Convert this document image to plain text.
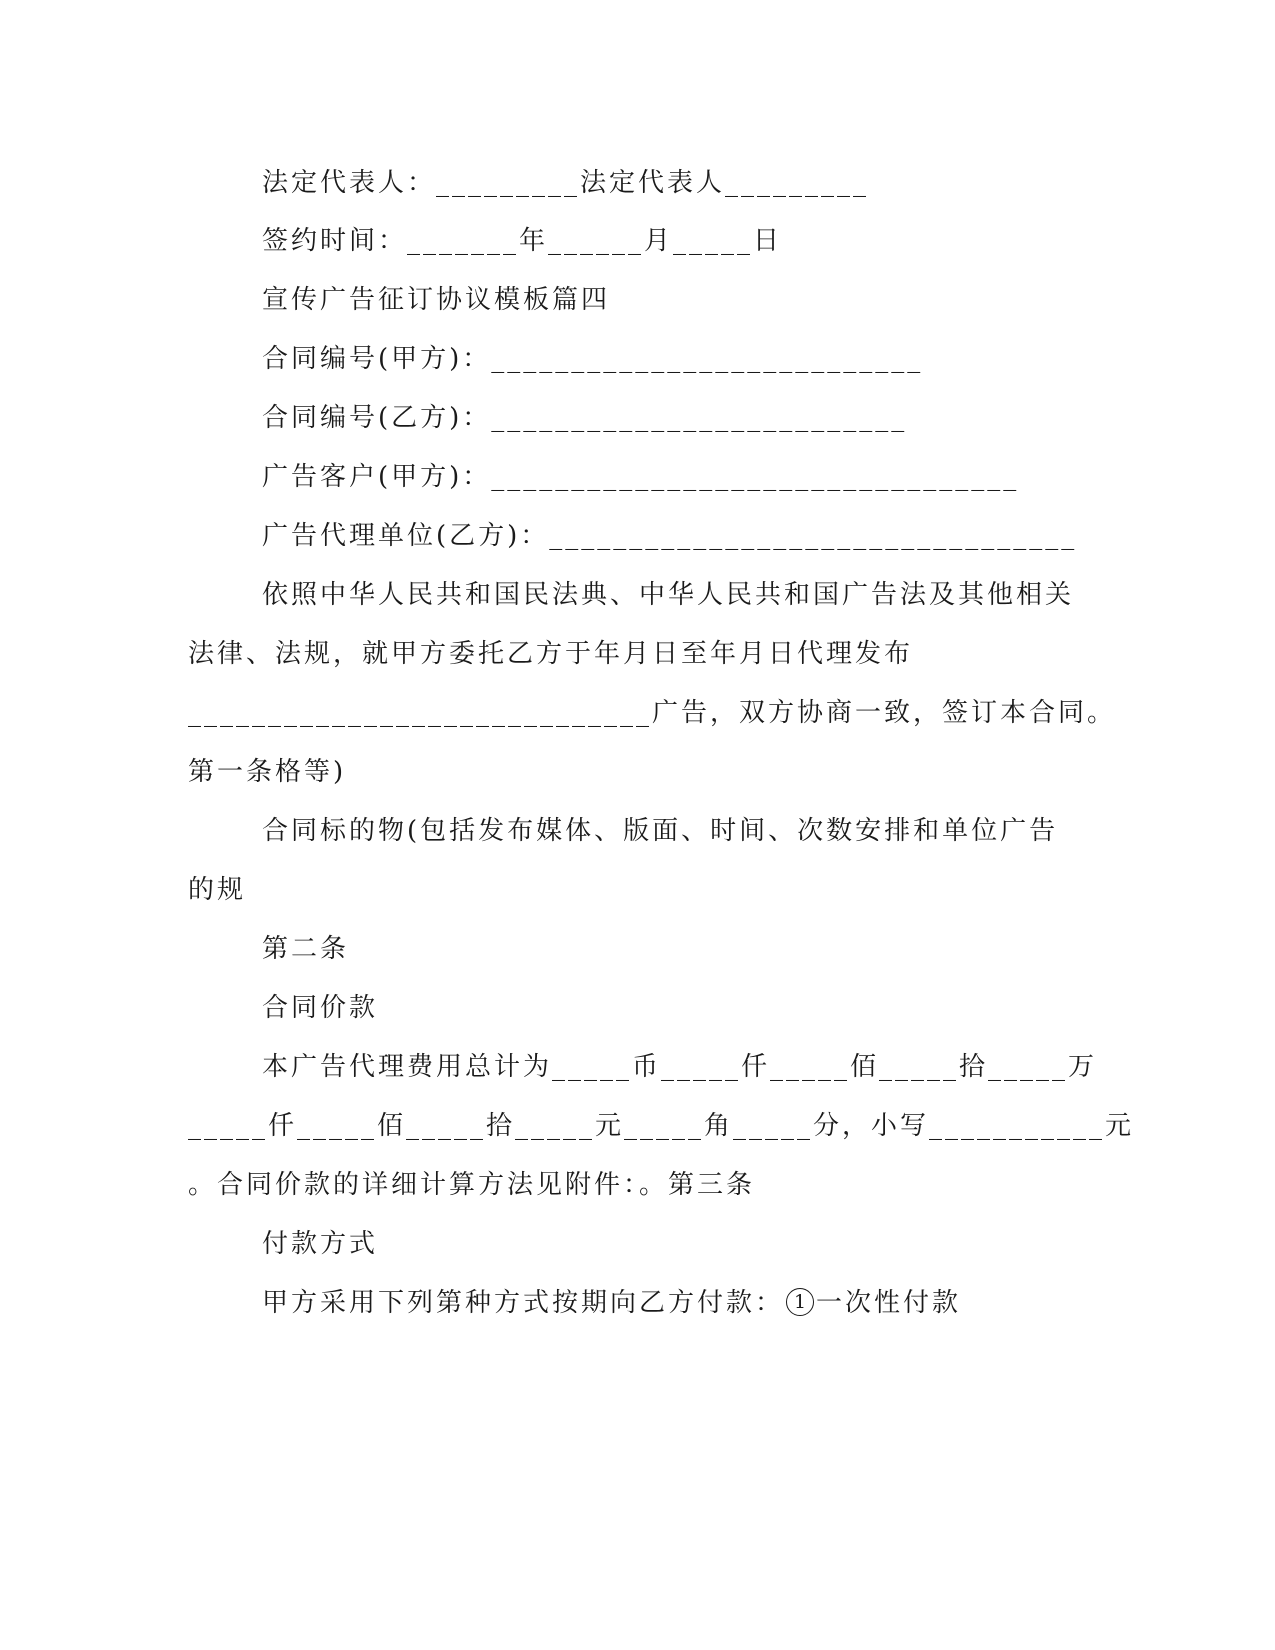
法定代表人：_________法定代表人_________
签约时间：_______年______月_____日
宣传广告征订协议模板篇四
合同编号(甲方)：___________________________
合同编号(乙方)：__________________________
广告客户(甲方)：_________________________________
广告代理单位(乙方)：_________________________________
依照中华人民共和国民法典、中华人民共和国广告法及其他相关
法律、法规，就甲方委托乙方于年月日至年月日代理发布
_____________________________广告，双方协商一致，签订本合同。
第一条格等)
合同标的物(包括发布媒体、版面、时间、次数安排和单位广告
的规
第二条
合同价款
本广告代理费用总计为_____币_____仟_____佰_____拾_____万
_____仟_____佰_____拾_____元_____角_____分，小写___________元
。合同价款的详细计算方法见附件：。第三条
付款方式
甲方采用下列第种方式按期向乙方付款： 1 一次性付款
